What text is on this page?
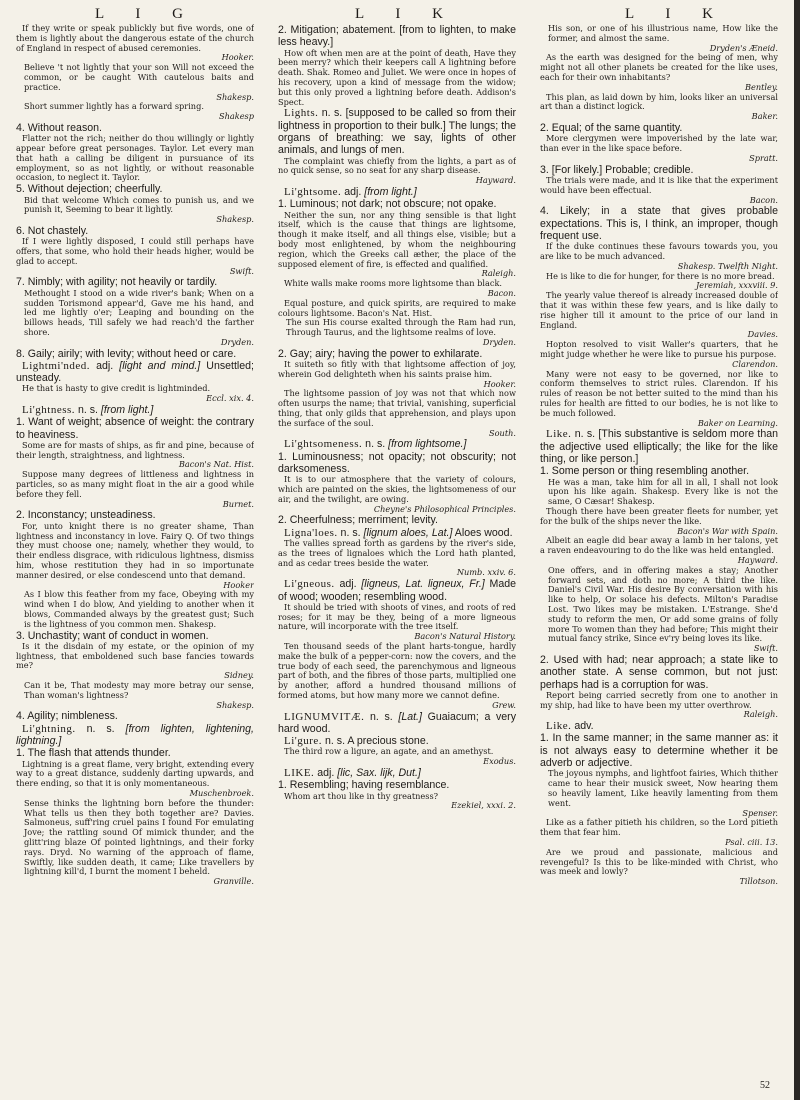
L I G	L I K	L I K

If they write or speak publickly but five words, one of them is lightly about the dangerous estate of the church of England in respect of abused ceremonies.

Hooker.

Believe 't not lightly that your son Will not exceed the common, or be caught With cautelous baits and practice.

Shakesp.

Short summer lightly has a forward spring.

Shakesp

4. Without reason.

Flatter not the rich; neither do thou willingly or lightly appear before great personages. Taylor. Let every man that hath a calling be diligent in pursuance of its employment, so as not lightly, or without reasonable occasion, to neglect it. Taylor.

5. Without dejection; cheerfully.

Bid that welcome Which comes to punish us, and we punish it, Seeming to bear it lightly.

Shakesp.

6. Not chastely.

If I were lightly disposed, I could still perhaps have offers, that some, who hold their heads higher, would be glad to accept.

Swift.

7. Nimbly; with agility; not heavily or tardily.

Methought I stood on a wide river's bank; When on a sudden Torismond appear'd, Gave me his hand, and led me lightly o'er; Leaping and bounding on the billows heads, Till safely we had reach'd the farther shore.

Dryden.

8. Gaily; airily; with levity; without heed or care.

Lightmi'nded. adj. [light and mind.] Unsettled; unsteady.

He that is hasty to give credit is lightminded.

Eccl. xix. 4.

Li'ghtness. n. s. [from light.]

1. Want of weight; absence of weight: the contrary to heaviness.

Some are for masts of ships, as fir and pine, because of their length, straightness, and lightness.

Bacon's Nat. Hist.

Suppose many degrees of littleness and lightness in particles, so as many might float in the air a good while before they fell.

Burnet.

2. Inconstancy; unsteadiness.

For, unto knight there is no greater shame, Than lightness and inconstancy in love. Fairy Q. Of two things they must choose one; namely, whether they would, to their endless disgrace, with ridiculous lightness, dismiss him, whose restitution they had in so importunate manner desired, or else condescend unto that demand.

Hooker

As I blow this feather from my face, Obeying with my wind when I do blow, And yielding to another when it blows, Commanded always by the greatest gust; Such is the lightness of you common men. Shakesp.

3. Unchastity; want of conduct in women.

Is it the disdain of my estate, or the opinion of my lightness, that emboldened such base fancies towards me?

Sidney.

Can it be, That modesty may more betray our sense, Than woman's lightness?

Shakesp.

4. Agility; nimbleness.

Li'ghtning. n. s. [from lighten, lightening, lightning.]

1. The flash that attends thunder.

Lightning is a great flame, very bright, extending every way to a great distance, suddenly darting upwards, and there ending, so that it is only momentaneous.

Muschenbroek.

Sense thinks the lightning born before the thunder: What tells us then they both together are? Davies. Salmoneus, suff'ring cruel pains I found For emulating Jove; the rattling sound Of mimick thunder, and the glitt'ring blaze Of pointed lightnings, and their forky rays. Dryd. No warning of the approach of flame, Swiftly, like sudden death, it came; Like travellers by lightning kill'd, I burnt the moment I beheld.

Granville.

2. Mitigation; abatement. [from to lighten, to make less heavy.]

How oft when men are at the point of death, Have they been merry? which their keepers call A lightning before death. Shak. Romeo and Juliet. We were once in hopes of his recovery, upon a kind of message from the widow; but this only proved a lightning before death. Addison's Spect.

Lights. n. s. [supposed to be called so from their lightness in proportion to their bulk.] The lungs; the organs of breathing: we say, lights of other animals, and lungs of men.

The complaint was chiefly from the lights, a part as of no quick sense, so no seat for any sharp disease.

Hayward.

Li'ghtsome. adj. [from light.]

1. Luminous; not dark; not obscure; not opake.

Neither the sun, nor any thing sensible is that light itself, which is the cause that things are lightsome, though it make itself, and all things else, visible; but a body most enlightened, by whom the neighbouring region, which the Greeks call æther, the place of the supposed element of fire, is effected and qualified.

Raleigh.

White walls make rooms more lightsome than black.

Bacon.

Equal posture, and quick spirits, are required to make colours lightsome. Bacon's Nat. Hist.

The sun His course exalted through the Ram had run, Through Taurus, and the lightsome realms of love.

Dryden.

2. Gay; airy; having the power to exhilarate.

It suiteth so fitly with that lightsome affection of joy, wherein God delighteth when his saints praise him.

Hooker.

The lightsome passion of joy was not that which now often usurps the name; that trivial, vanishing, superficial thing, that only gilds that apprehension, and plays upon the surface of the soul.

South.

Li'ghtsomeness. n. s. [from lightsome.]

1. Luminousness; not opacity; not obscurity; not darksomeness.

It is to our atmosphere that the variety of colours, which are painted on the skies, the lightsomeness of our air, and the twilight, are owing.

Cheyne's Philosophical Principles.

2. Cheerfulness; merriment; levity.

Ligna'loes. n. s. [lignum aloes, Lat.] Aloes wood.

The vallies spread forth as gardens by the river's side, as the trees of lignaloes which the Lord hath planted, and as cedar trees beside the water.

Numb. xxiv. 6.

Li'gneous. adj. [ligneus, Lat. ligneux, Fr.] Made of wood; wooden; resembling wood.

It should be tried with shoots of vines, and roots of red roses; for it may be they, being of a more ligneous nature, will incorporate with the tree itself.

Bacon's Natural History.

Ten thousand seeds of the plant harts-tongue, hardly make the bulk of a pepper-corn: now the covers, and the true body of each seed, the parenchymous and ligneous part of both, and the fibres of those parts, multiplied one by another, afford a hundred thousand millions of formed atoms, but how many more we cannot define.

Grew.

LIGNUMVITÆ. n. s. [Lat.] Guaiacum; a very hard wood.

Li'gure. n. s. A precious stone.

The third row a ligure, an agate, and an amethyst.

Exodus.

LIKE. adj. [lic, Sax. lijk, Dut.]

1. Resembling; having resemblance.

Whom art thou like in thy greatness?

Ezekiel, xxxi. 2.

His son, or one of his illustrious name, How like the former, and almost the same.

Dryden's Æneid.

As the earth was designed for the being of men, why might not all other planets be created for the like uses, each for their own inhabitants?

Bentley.

This plan, as laid down by him, looks liker an universal art than a distinct logick.

Baker.

2. Equal; of the same quantity.

More clergymen were impoverished by the late war, than ever in the like space before.

Spratt.

3. [For likely.] Probable; credible.

The trials were made, and it is like that the experiment would have been effectual.

Bacon.

4. Likely; in a state that gives probable expectations. This is, I think, an improper, though frequent use.

If the duke continues these favours towards you, you are like to be much advanced.

Shakesp. Twelfth Night.

He is like to die for hunger, for there is no more bread.

Jeremiah, xxxviii. 9.

The yearly value thereof is already increased double of that it was within these few years, and is like daily to rise higher till it amount to the price of our land in England.

Davies.

Hopton resolved to visit Waller's quarters, that he might judge whether he were like to pursue his purpose.

Clarendon.

Many were not easy to be governed, nor like to conform themselves to strict rules. Clarendon. If his rules of reason be not better suited to the mind than his rules for health are fitted to our bodies, he is not like to be much followed.

Baker on Learning.

Like. n. s. [This substantive is seldom more than the adjective used elliptically; the like for the like thing, or like person.]

1. Some person or thing resembling another.

He was a man, take him for all in all, I shall not look upon his like again. Shakesp. Every like is not the same, O Cæsar! Shakesp.

Though there have been greater fleets for number, yet for the bulk of the ships never the like.

Bacon's War with Spain.

Albeit an eagle did bear away a lamb in her talons, yet a raven endeavouring to do the like was held entangled.

Hayward.

One offers, and in offering makes a stay; Another forward sets, and doth no more; A third the like. Daniel's Civil War. His desire By conversation with his like to help, Or solace his defects. Milton's Paradise Lost. Two likes may be mistaken. L'Estrange. She'd study to reform the men, Or add some grains of folly more To women than they had before; This might their mutual fancy strike, Since ev'ry being loves its like.

Swift.

2. Used with had; near approach; a state like to another state. A sense common, but not just: perhaps had is a corruption for was.

Report being carried secretly from one to another in my ship, had like to have been my utter overthrow.

Raleigh.

Like. adv.

1. In the same manner; in the same manner as: it is not always easy to determine whether it be adverb or adjective.

The joyous nymphs, and lightfoot fairies, Which thither came to hear their musick sweet, Now hearing them so heavily lament, Like heavily lamenting from them went.

Spenser.

Like as a father pitieth his children, so the Lord pitieth them that fear him.

Psal. ciii. 13.

Are we proud and passionate, malicious and revengeful? Is this to be like-minded with Christ, who was meek and lowly?

Tillotson.

52
